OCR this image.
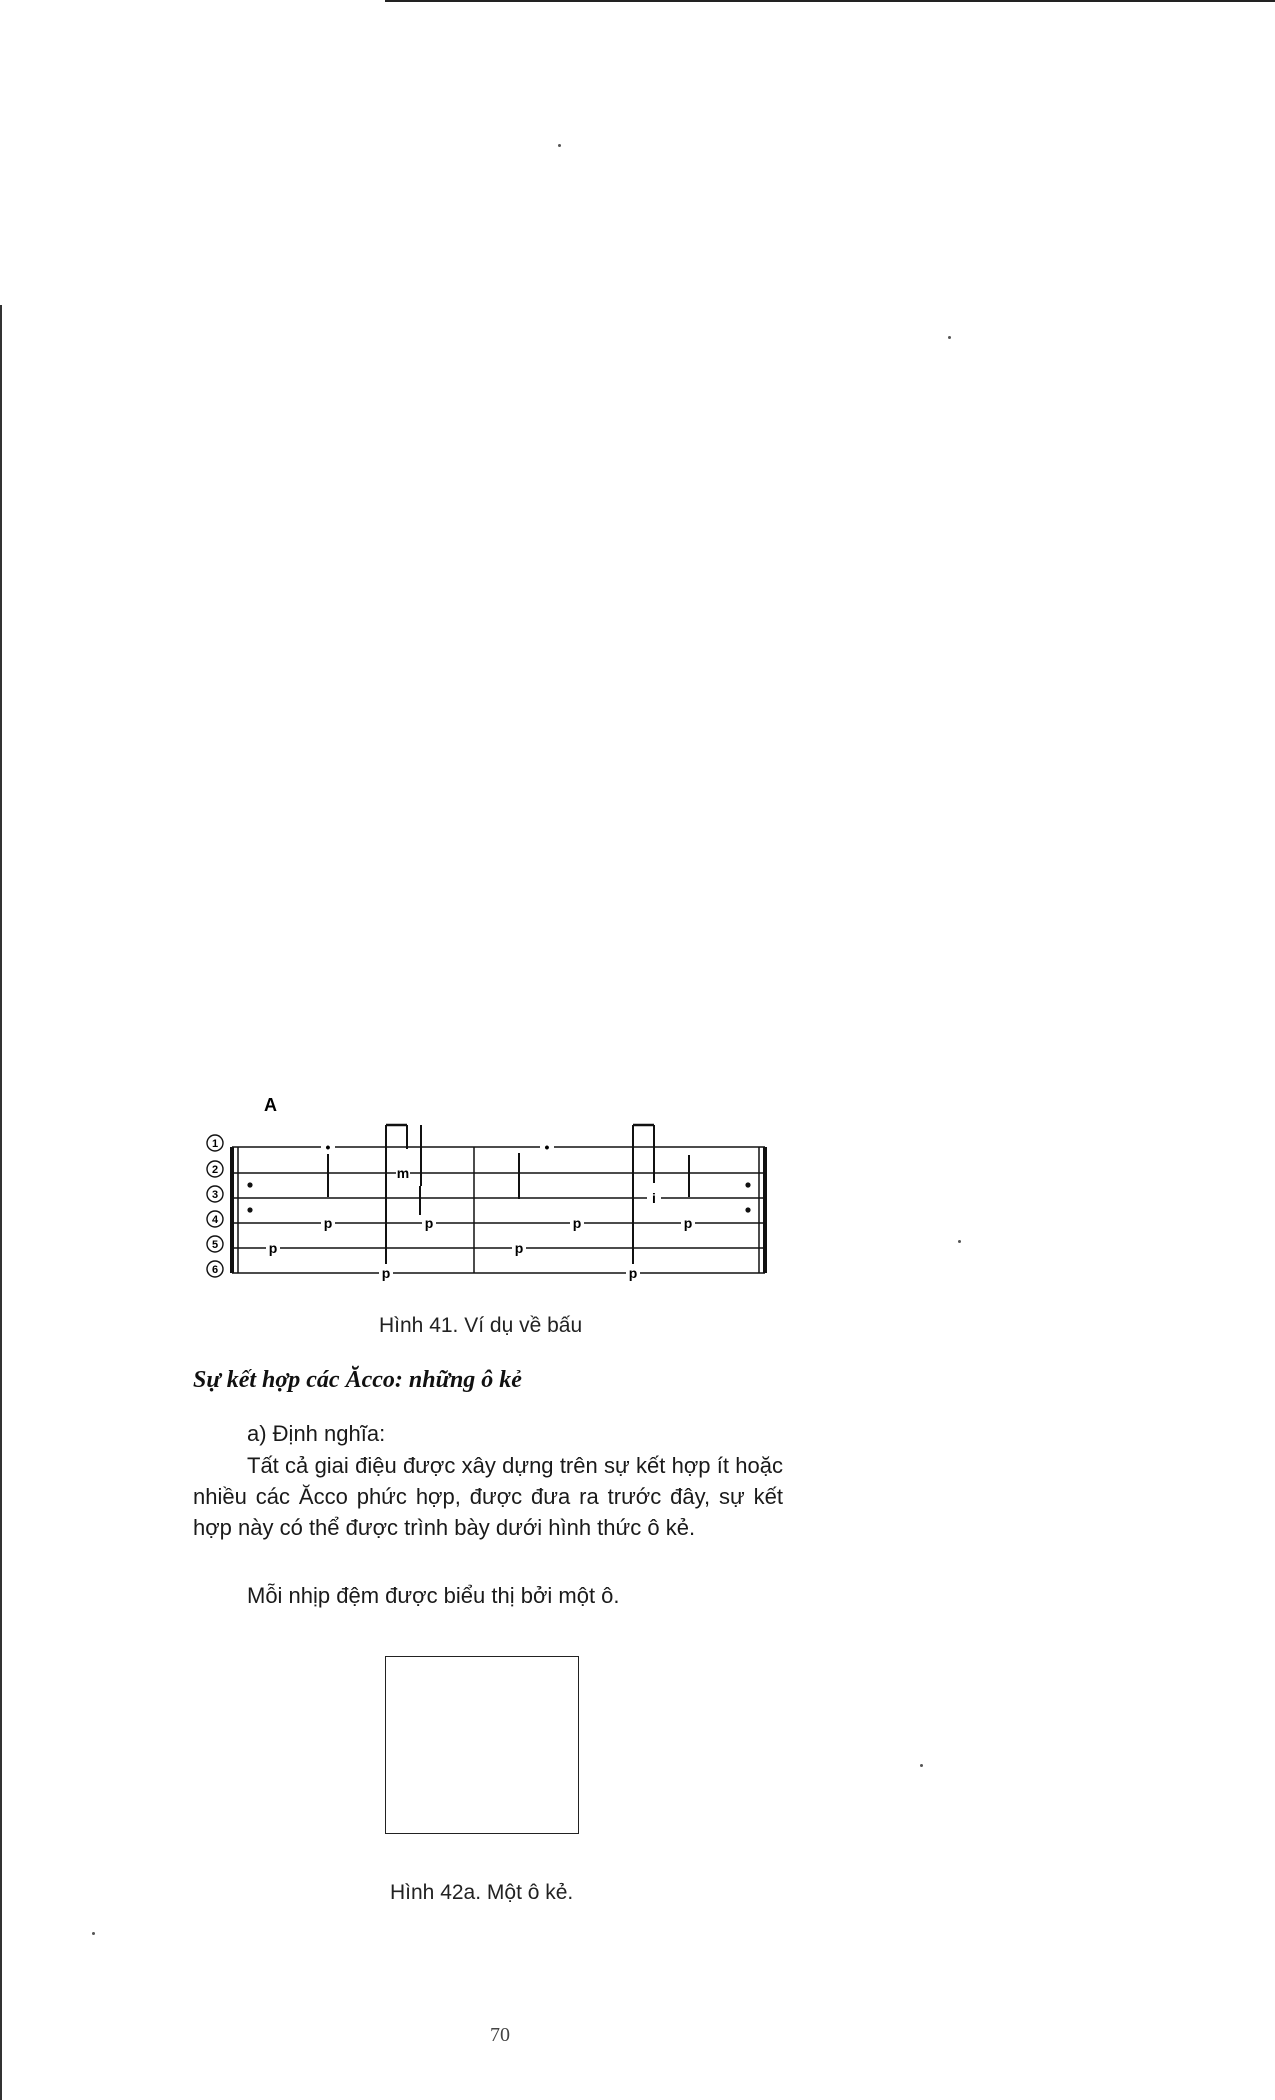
A
1
2
3
4
5
6
•	•
m
i
p	p	p	p
p	p
p	p
Hình 41. Ví dụ về bấu
Sự kết hợp các Ăcco: những ô kẻ
a) Định nghĩa:
Tất cả giai điệu được xây dựng trên sự kết hợp ít hoặc nhiều các Ăcco phức hợp, được đưa ra trước đây, sự kết hợp này có thể được trình bày dưới hình thức ô kẻ.
Mỗi nhịp đệm được biểu thị bởi một ô.
Hình 42a. Một ô kẻ.
70
